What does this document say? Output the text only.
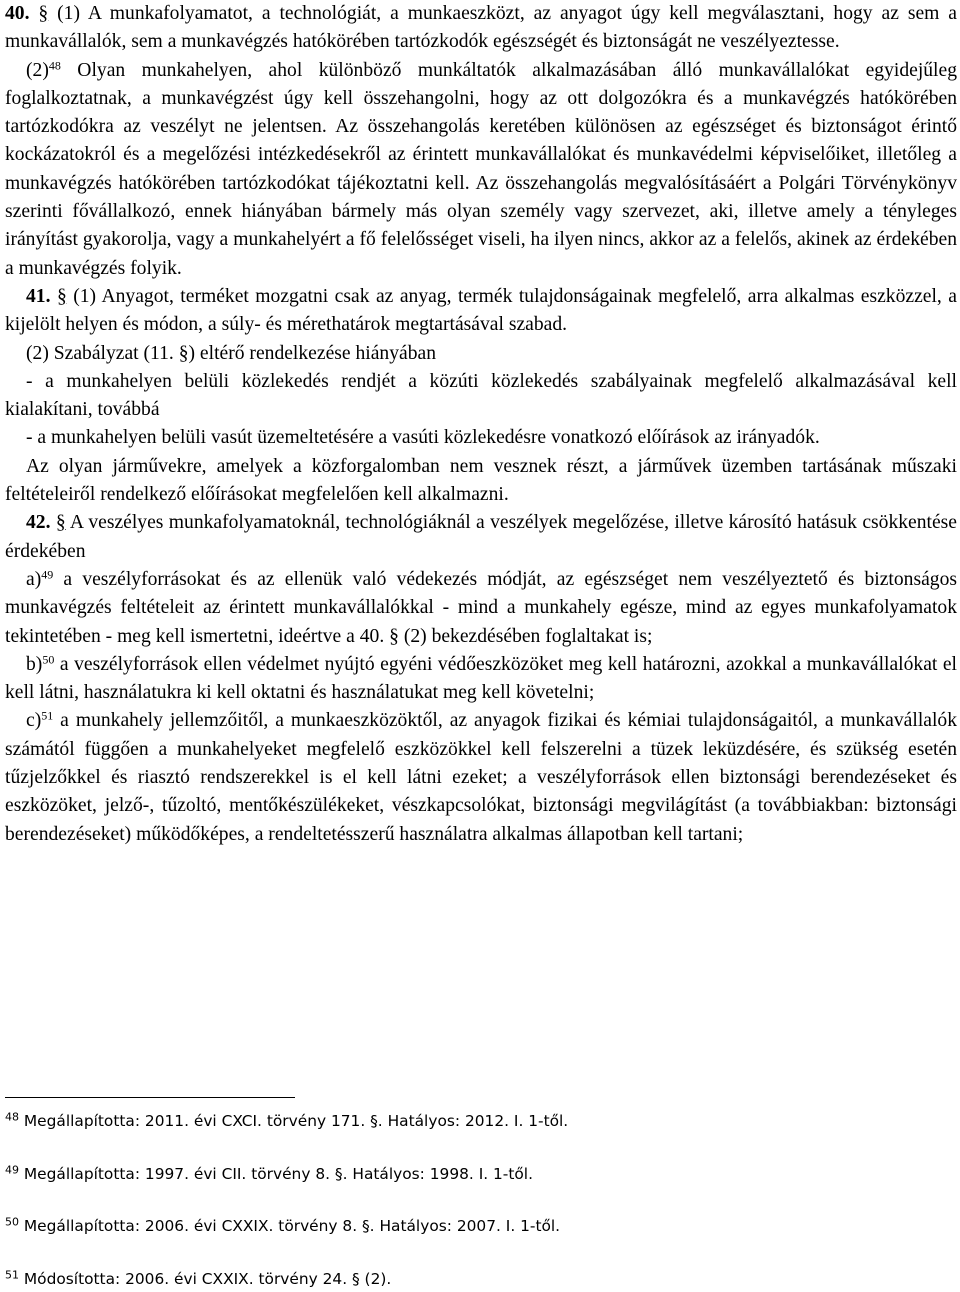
40. § (1) A munkafolyamatot, a technológiát, a munkaeszközt, az anyagot úgy kell megválasztani, hogy az sem a munkavállalók, sem a munkavégzés hatókörében tartózkodók egészségét és biztonságát ne veszélyeztesse.

$(2)^{48}$ Olyan munkahelyen, ahol különböző munkáltatók alkalmazásában álló munkavállalókat egyidejűleg foglalkoztatnak, a munkavégzést úgy kell összehangolni, hogy az ott dolgozókra és a munkavégzés hatókörében tartózkodókra az veszélyt ne jelentsen. Az összehangolás keretében különösen az egészséget és biztonságot érintő kockázatokról és a megelőzési intézkedésekről az érintett munkavállalókat és munkavédelmi képviselőiket, illetőleg a munkavégzés hatókörében tartózkodókat tájékoztatni kell. Az összehangolás megvalósításáért a Polgári Törvénykönyv szerinti fővállalkozó, ennek hiányában bármely más olyan személy vagy szervezet, aki, illetve amely a tényleges irányítást gyakorolja, vagy a munkahelyért a fő felelősséget viseli, ha ilyen nincs, akkor az a felelős, akinek az érdekében a munkavégzés folyik.

41. § (1) Anyagot, terméket mozgatni csak az anyag, termék tulajdonságainak megfelelő, arra alkalmas eszközzel, a kijelölt helyen és módon, a súly- és mérethatárok megtartásával szabad.

(2) Szabályzat (11. §) eltérő rendelkezése hiányában

- a munkahelyen belüli közlekedés rendjét a közúti közlekedés szabályainak megfelelő alkalmazásával kell kialakítani, továbbá

- a munkahelyen belüli vasút üzemeltetésére a vasúti közlekedésre vonatkozó előírások az irányadók.

Az olyan járművekre, amelyek a közforgalomban nem vesznek részt, a járművek üzemben tartásának műszaki feltételeiről rendelkező előírásokat megfelelően kell alkalmazni.

42. § A veszélyes munkafolyamatoknál, technológiáknál a veszélyek megelőzése, illetve károsító hatásuk csökkentése érdekében

a)$^{49}$ a veszélyforrásokat és az ellenük való védekezés módját, az egészséget nem veszélyeztető és biztonságos munkavégzés feltételeit az érintett munkavállalókkal - mind a munkahely egésze, mind az egyes munkafolyamatok tekintetében - meg kell ismertetni, ideértve a 40. § (2) bekezdésében foglaltakat is;

b)$^{50}$ a veszélyforrások ellen védelmet nyújtó egyéni védőeszközöket meg kell határozni, azokkal a munkavállalókat el kell látni, használatukra ki kell oktatni és használatukat meg kell követelni;

c)$^{51}$ a munkahely jellemzőitől, a munkaeszközöktől, az anyagok fizikai és kémiai tulajdonságaitól, a munkavállalók számától függően a munkahelyeket megfelelő eszközökkel kell felszerelni a tüzek leküzdésére, és szükség esetén tűzjelzőkkel és riasztó rendszerekkel is el kell látni ezeket; a veszélyforrások ellen biztonsági berendezéseket és eszközöket, jelző-, tűzoltó, mentőkészülékeket, vészkapcsolókat, biztonsági megvilágítást (a továbbiakban: biztonsági berendezéseket) működőképes, a rendeltetésszerű használatra alkalmas állapotban kell tartani;

$^{48}$ Megállapította: 2011. évi CXCI. törvény 171. §. Hatályos: 2012. I. 1-től.
$^{49}$ Megállapította: 1997. évi CII. törvény 8. §. Hatályos: 1998. I. 1-től.
$^{50}$ Megállapította: 2006. évi CXXIX. törvény 8. §. Hatályos: 2007. I. 1-től.
$^{51}$ Módosította: 2006. évi CXXIX. törvény 24. § (2).
